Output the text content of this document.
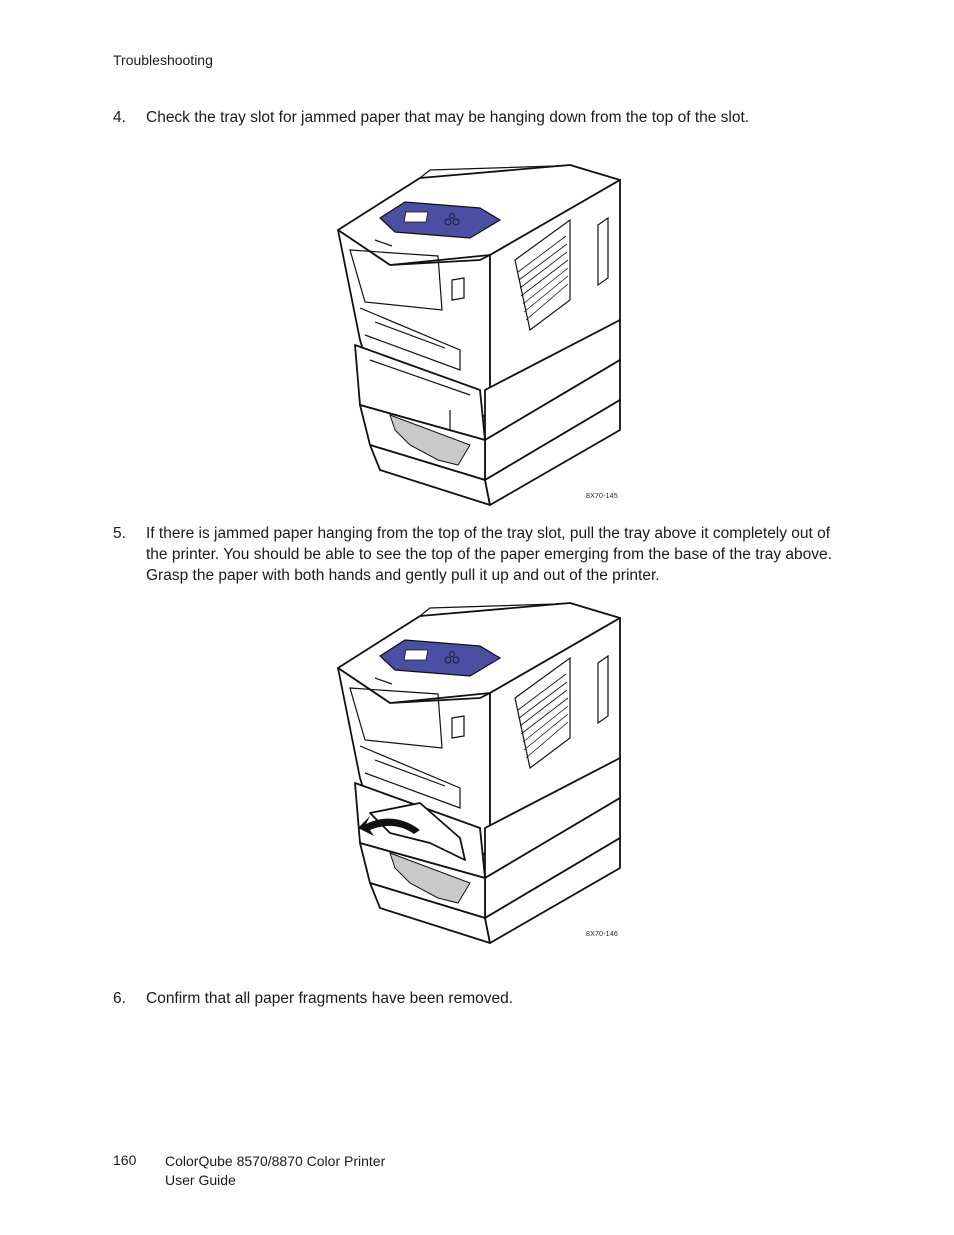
Troubleshooting
4. Check the tray slot for jammed paper that may be hanging down from the top of the slot.
8X70-145
5. If there is jammed paper hanging from the top of the tray slot, pull the tray above it completely out of the printer. You should be able to see the top of the paper emerging from the base of the tray above. Grasp the paper with both hands and gently pull it up and out of the printer.
8X70-146
6. Confirm that all paper fragments have been removed.
160 ColorQube 8570/8870 Color Printer
User Guide
